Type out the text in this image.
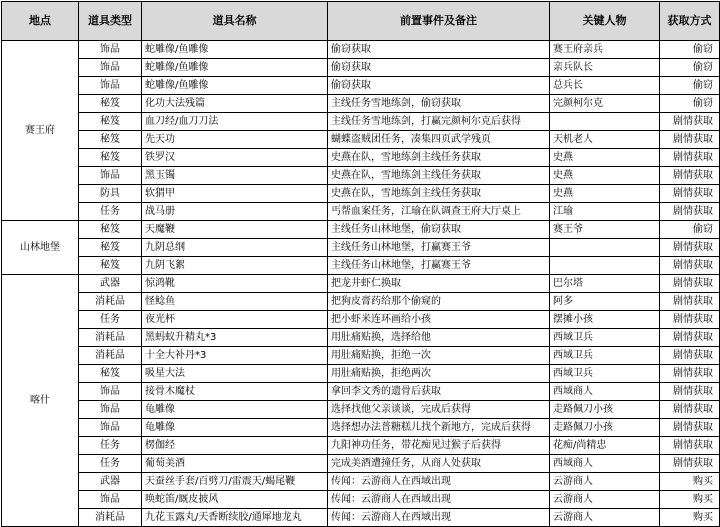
地点	道具类型	道具名称	前置事件及备注	关键人物	获取方式
赛王府	饰品	蛇雕像/鱼雕像	偷窃获取	赛王府亲兵	偷窃
	饰品	蛇雕像/鱼雕像	偷窃获取	亲兵队长	偷窃
	饰品	蛇雕像/鱼雕像	偷窃获取	总兵长	偷窃
	秘笈	化功大法残篇	主线任务雪地练剑，偷窃获取	完颜柯尔克	偷窃
	秘笈	血刀经/血刀刀法	主线任务雪地练剑，打赢完颜柯尔克后获得		剧情获取
	秘笈	先天功	蝴蝶盗贼团任务，凑集四页武学残页	天机老人	剧情获取
	秘笈	铁罗汉	史燕在队，雪地练剑主线任务获取	史燕	剧情获取
	饰品	黑玉镯	史燕在队，雪地练剑主线任务获取	史燕	剧情获取
	防具	软猬甲	史燕在队，雪地练剑主线任务获取	史燕	剧情获取
	任务	战马册	丐帮血案任务，江瑜在队调查王府大厅桌上	江瑜	剧情获取
山林地堡	秘笈	天魔鞭	主线任务山林地堡，偷窃获取	赛王爷	偷窃
	秘笈	九阴总纲	主线任务山林地堡，打赢赛王爷		剧情获取
	秘笈	九阴飞絮	主线任务山林地堡，打赢赛王爷		剧情获取
喀什	武器	惊鸿靴	把龙井虾仁换取	巴尔塔	剧情获取
	消耗品	怪鲶鱼	把狗皮膏药给那个偷窥的	阿多	剧情获取
	任务	夜光杯	把小虾米连环画给小孩	摆摊小孩	剧情获取
	消耗品	黑蚂蚁升精丸*3	用肚痛贴换，选择给他	西域卫兵	剧情获取
	消耗品	十全大补丹*3	用肚痛贴换，拒绝一次	西域卫兵	剧情获取
	秘笈	吸星大法	用肚痛贴换，拒绝两次	西域卫兵	剧情获取
	饰品	接骨木魔杖	拿回李文秀的遗骨后获取	西域商人	剧情获取
	饰品	龟雕像	选择找他父亲谈谈，完成后获得	走路佩刀小孩	剧情获取
	饰品	龟雕像	选择想办法普糖糕儿找个新地方，完成后获得	走路佩刀小孩	剧情获取
	任务	楞伽经	九阳神功任务，带花痴见过猴子后获得	花痴/尚精忠	剧情获取
	任务	葡萄美酒	完成美酒遭撞任务，从商人处获取	西域商人	剧情获取
	武器	天蚕丝手套/百劈刀/雷震天/蝎尾鞭	传闻：云游商人在西域出现	云游商人	购买
	饰品	唤蛇笛/厩皮披风	传闻：云游商人在西域出现	云游商人	购买
	消耗品	九花玉露丸/天香断续胶/通犀地龙丸	传闻：云游商人在西域出现	云游商人	购买
